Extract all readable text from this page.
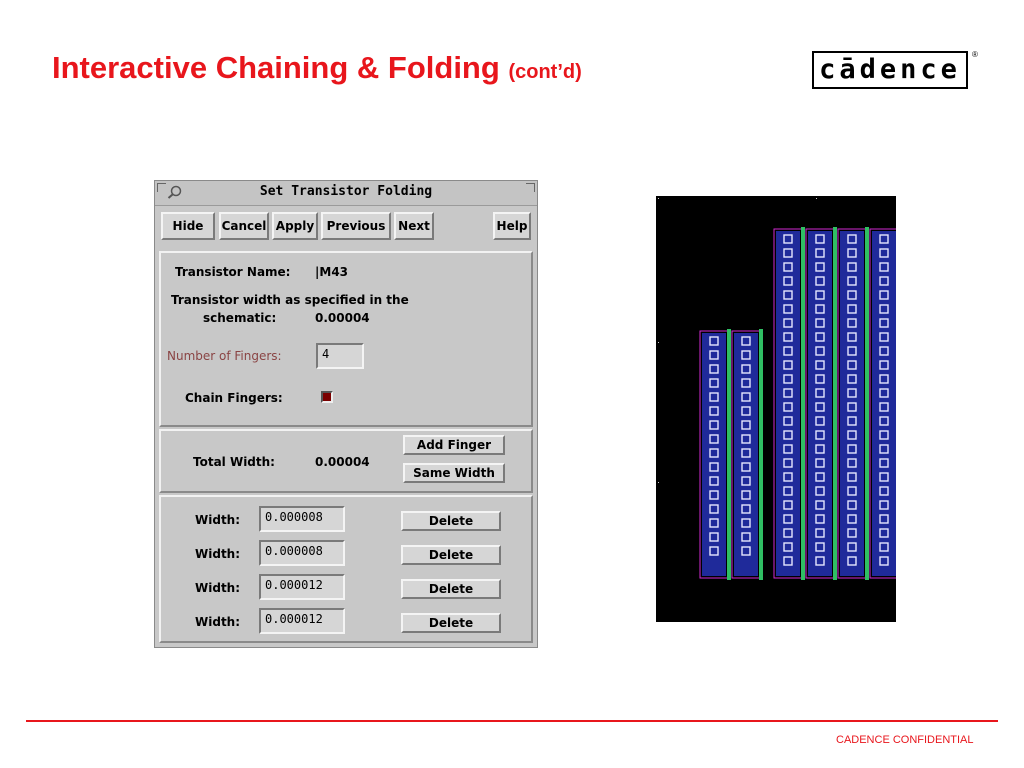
Interactive Chaining & Folding (cont’d)	cādence	®
Set Transistor Folding
Hide	Cancel Apply	Previous	Next	Help
Transistor Name: |M43
Transistor width as specified in the
schematic:	0.00004
Number of Fingers:	4
Chain Fingers:
Total Width:	0.00004
Add Finger
Same Width
Width:	0.000008	Delete
Width:	0.000008	Delete
Width:	0.000012	Delete
Width:	0.000012	Delete
CADENCE CONFIDENTIAL
